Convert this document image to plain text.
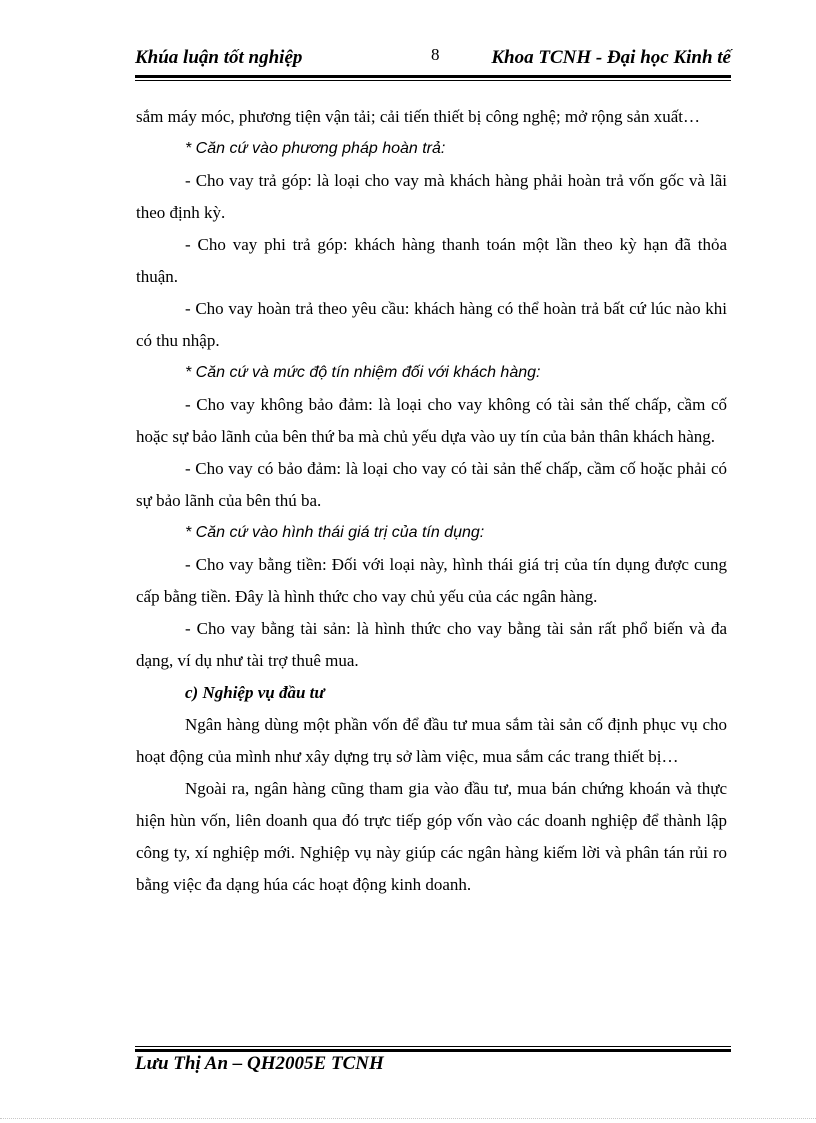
Khúa luận tốt nghiệp	8	Khoa TCNH - Đại học Kinh tế

sắm máy móc, phương tiện vận tải; cải tiến thiết bị công nghệ; mở rộng sản xuất…

* Căn cứ vào phương pháp hoàn trả:

- Cho vay trả góp: là loại cho vay mà khách hàng phải hoàn trả vốn gốc và lãi theo định kỳ.

- Cho vay phi trả góp: khách hàng thanh toán một lần theo kỳ hạn đã thỏa thuận.

- Cho vay hoàn trả theo yêu cầu: khách hàng có thể hoàn trả bất cứ lúc nào khi có thu nhập.

* Căn cứ và mức độ tín nhiệm đối với khách hàng:

- Cho vay không bảo đảm: là loại cho vay không có tài sản thế chấp, cầm cố hoặc sự bảo lãnh của bên thứ ba mà chủ yếu dựa vào uy tín của bản thân khách hàng.

- Cho vay có bảo đảm: là loại cho vay có tài sản thế chấp, cầm cố hoặc phải có sự bảo lãnh của bên thú ba.

* Căn cứ vào hình thái giá trị của tín dụng:

- Cho vay bằng tiền: Đối với loại này, hình thái giá trị của tín dụng được cung cấp bằng tiền. Đây là hình thức cho vay chủ yếu của các ngân hàng.

- Cho vay bằng tài sản: là hình thức cho vay bằng tài sản rất phổ biến và đa dạng, ví dụ như tài trợ thuê mua.

c) Nghiệp vụ đầu tư

Ngân hàng dùng một phần vốn để đầu tư mua sắm tài sản cố định phục vụ cho hoạt động của mình như xây dựng trụ sở làm việc, mua sắm các trang thiết bị…

Ngoài ra, ngân hàng cũng tham gia vào đầu tư, mua bán chứng khoán và thực hiện hùn vốn, liên doanh qua đó trực tiếp góp vốn vào các doanh nghiệp để thành lập công ty, xí nghiệp mới. Nghiệp vụ này giúp các ngân hàng kiếm lời và phân tán rủi ro bằng việc đa dạng húa các hoạt động kinh doanh.

Lưu Thị An – QH2005E TCNH
